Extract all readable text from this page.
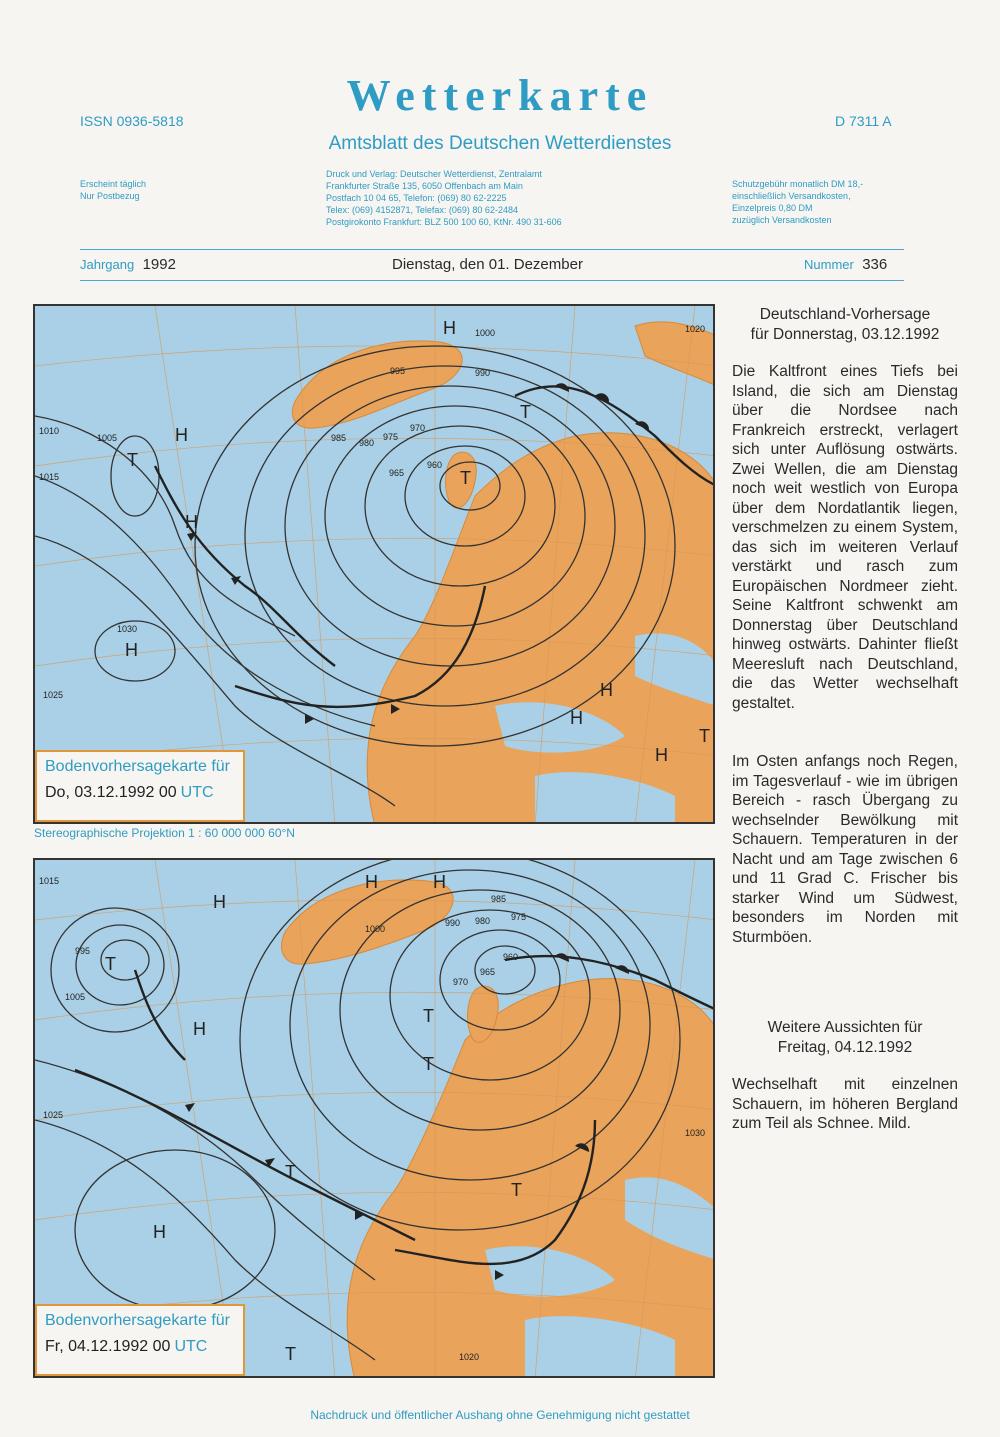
Wetterkarte
Amtsblatt des Deutschen Wetterdienstes
ISSN 0936-5818	D 7311 A
Erscheint täglich
Nur Postbezug
Druck und Verlag: Deutscher Wetterdienst, Zentralamt
Frankfurter Straße 135, 6050 Offenbach am Main
Postfach 10 04 65, Telefon: (069) 80 62-2225
Telex: (069) 4152871, Telefax: (069) 80 62-2484
Postgirokonto Frankfurt: BLZ 500 100 60, KtNr. 490 31-606
Schutzgebühr monatlich DM 18,-
einschließlich Versandkosten,
Einzelpreis 0,80 DM
zuzüglich Versandkosten
Jahrgang 1992	Dienstag, den 01. Dezember	Nummer 336
H
H
H
H
H
H
H
T
T
T
T
1000
995	990
985 980
975
970
965
960
1005
1010
1015
1020
1025
1030
Bodenvorhersagekarte für
Do, 03.12.1992 00 UTC
Stereographische Projektion 1 : 60 000 000 60°N
H	H
H
H
H
T
T
T
T
T
T
1000
995
990
985
980 975
970
965
960
1005
1015
1020
1025
1030
Bodenvorhersagekarte für
Fr, 04.12.1992 00 UTC
Deutschland-Vorhersage
für Donnerstag, 03.12.1992
Die Kaltfront eines Tiefs bei Island, die sich am Dienstag über die Nordsee nach Frankreich erstreckt, verlagert sich unter Auflösung ostwärts. Zwei Wellen, die am Dienstag noch weit westlich von Europa über dem Nordatlantik liegen, verschmelzen zu einem System, das sich im weiteren Verlauf verstärkt und rasch zum Europäischen Nordmeer zieht. Seine Kaltfront schwenkt am Donnerstag über Deutschland hinweg ostwärts. Dahinter fließt Meeresluft nach Deutschland, die das Wetter wechselhaft gestaltet.
Im Osten anfangs noch Regen, im Tagesverlauf - wie im übrigen Bereich - rasch Übergang zu wechselnder Bewölkung mit Schauern. Temperaturen in der Nacht und am Tage zwischen 6 und 11 Grad C. Frischer bis starker Wind um Südwest, besonders im Norden mit Sturmböen.
Weitere Aussichten für
Freitag, 04.12.1992
Wechselhaft mit einzelnen Schauern, im höheren Bergland zum Teil als Schnee. Mild.
Nachdruck und öffentlicher Aushang ohne Genehmigung nicht gestattet
